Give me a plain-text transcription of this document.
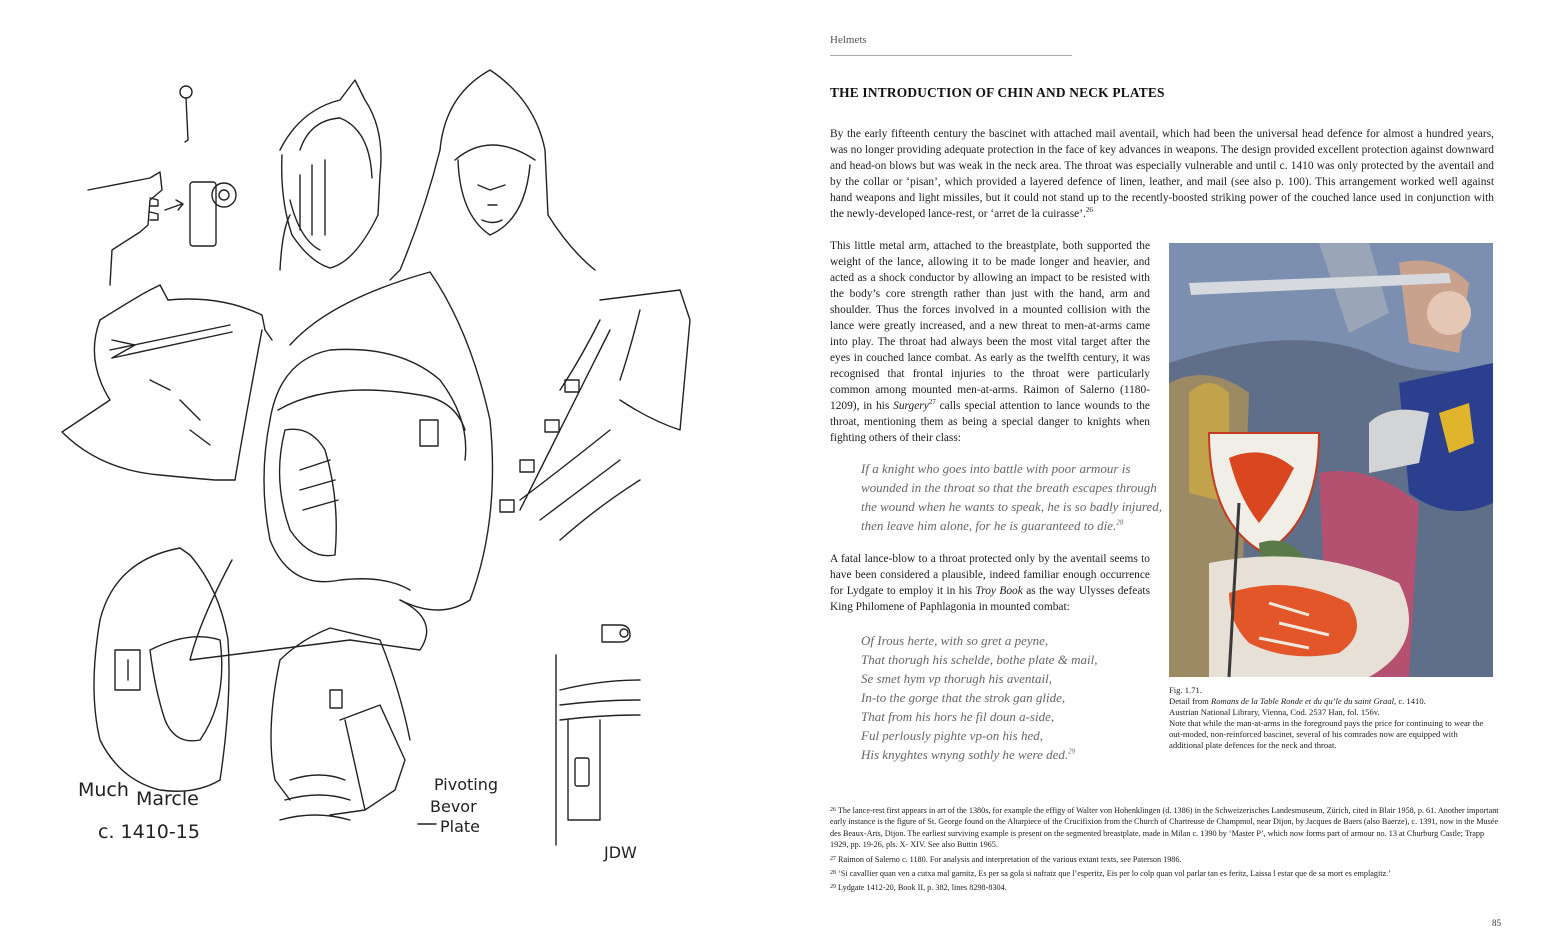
Much Marcle
c. 1410-15
Pivoting
Bevor
Plate
JDW
Helmets
THE INTRODUCTION OF CHIN AND NECK PLATES
By the early fifteenth century the bascinet with attached mail aventail, which had been the universal head defence for almost a hundred years, was no longer providing adequate protection in the face of key advances in weapons. The design provided excellent protection against downward and head-on blows but was weak in the neck area. The throat was especially vulnerable and until c. 1410 was only protected by the aventail and by the collar or ‘pisan’, which provided a layered defence of linen, leather, and mail (see also p. 100). This arrangement worked well against hand weapons and light missiles, but it could not stand up to the recently-boosted striking power of the couched lance used in conjunction with the newly-developed lance-rest, or ‘arret de la cuirasse’.$^{26}$
This little metal arm, attached to the breastplate, both supported the weight of the lance, allowing it to be made longer and heavier, and acted as a shock conductor by allowing an impact to be resisted with the body’s core strength rather than just with the hand, arm and shoulder. Thus the forces involved in a mounted collision with the lance were greatly increased, and a new threat to men-at-arms came into play. The throat had always been the most vital target after the eyes in couched lance combat. As early as the twelfth century, it was recognised that frontal injuries to the throat were particularly common among mounted men-at-arms. Raimon of Salerno (1180-1209), in his Surgery$^{27}$ calls special attention to lance wounds to the throat, mentioning them as being a special danger to knights when fighting others of their class:
If a knight who goes into battle with poor armour is
wounded in the throat so that the breath escapes through
the wound when he wants to speak, he is so badly injured,
then leave him alone, for he is guaranteed to die.$^{28}$
A fatal lance-blow to a throat protected only by the aventail seems to have been considered a plausible, indeed familiar enough occurrence for Lydgate to employ it in his Troy Book as the way Ulysses defeats King Philomene of Paphlagonia in mounted combat:
Of Irous herte, with so gret a peyne,
That thorugh his schelde, bothe plate & mail,
Se smet hym vp thorugh his aventail,
In-to the gorge that the strok gan glide,
That from his hors he fil doun a-side,
Ful perlously pighte vp-on his hed,
His knyghtes wnyng sothly he were ded.$^{29}$
Fig. 1.71.
Detail from Romans de la Table Ronde et du qu’le du saint Graal, c. 1410.
Austrian National Library, Vienna, Cod. 2537 Han, fol. 156v.
Note that while the man-at-arms in the foreground pays the price for continuing to wear the out-moded, non-reinforced bascinet, several of his comrades now are equipped with additional plate defences for the neck and throat.
$^{26}$ The lance-rest first appears in art of the 1380s, for example the effigy of Walter von Hohenklingen (d. 1386) in the Schweizerisches Landesmuseum, Zürich, cited in Blair 1958, p. 61. Another important early instance is the figure of St. George found on the Altarpiece of the Crucifixion from the Church of Chartreuse de Champmol, near Dijon, by Jacques de Baers (also Baerze), c. 1391, now in the Musée des Beaux-Arts, Dijon. The earliest surviving example is present on the segmented breastplate, made in Milan c. 1390 by ‘Master P’, which now forms part of armour no. 13 at Churburg Castle; Trapp 1929, pp. 19-26, pls. X- XIV. See also Buttin 1965.
$^{27}$ Raimon of Salerno c. 1180. For analysis and interpretation of the various extant texts, see Paterson 1986.
$^{28}$ ‘Si cavallier quan ven a cutxa mal garnitz, Es per sa gola si nafratz que l’esperitz, Eis per lo colp quan vol parlar tan es feritz, Laissa l estar que de sa mort es emplagitz.’
$^{29}$ Lydgate 1412-20, Book II, p. 382, lines 8298-8304.
85
